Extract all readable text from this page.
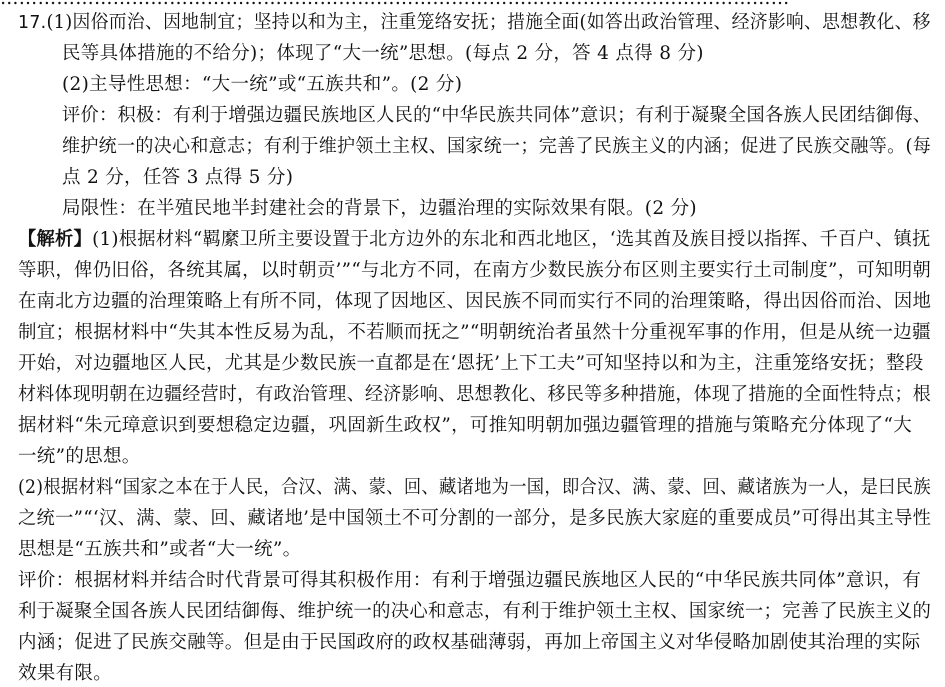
17.(1)因俗而治、因地制宜；坚持以和为主，注重笼络安抚；措施全面(如答出政治管理、经济影响、思想教化、移
民等具体措施的不给分)；体现了“大一统”思想。(每点 2 分，答 4 点得 8 分)
(2)主导性思想：“大一统”或“五族共和”。(2 分)
评价：积极：有利于增强边疆民族地区人民的“中华民族共同体”意识；有利于凝聚全国各族人民团结御侮、
维护统一的决心和意志；有利于维护领土主权、国家统一；完善了民族主义的内涵；促进了民族交融等。(每
点 2 分，任答 3 点得 5 分)
局限性：在半殖民地半封建社会的背景下，边疆治理的实际效果有限。(2 分)
【解析】(1)根据材料“羁縻卫所主要设置于北方边外的东北和西北地区，‘选其酋及族目授以指挥、千百户、镇抚
等职，俾仍旧俗，各统其属，以时朝贡’”“与北方不同，在南方少数民族分布区则主要实行土司制度”，可知明朝
在南北方边疆的治理策略上有所不同，体现了因地区、因民族不同而实行不同的治理策略，得出因俗而治、因地
制宜；根据材料中“失其本性反易为乱，不若顺而抚之”“明朝统治者虽然十分重视军事的作用，但是从统一边疆
开始，对边疆地区人民，尤其是少数民族一直都是在‘恩抚’上下工夫”可知坚持以和为主，注重笼络安抚；整段
材料体现明朝在边疆经营时，有政治管理、经济影响、思想教化、移民等多种措施，体现了措施的全面性特点；根
据材料“朱元璋意识到要想稳定边疆，巩固新生政权”，可推知明朝加强边疆管理的措施与策略充分体现了“大
一统”的思想。
(2)根据材料“国家之本在于人民，合汉、满、蒙、回、藏诸地为一国，即合汉、满、蒙、回、藏诸族为一人，是曰民族
之统一”“‘汉、满、蒙、回、藏诸地’是中国领土不可分割的一部分，是多民族大家庭的重要成员”可得出其主导性
思想是“五族共和”或者“大一统”。
评价：根据材料并结合时代背景可得其积极作用：有利于增强边疆民族地区人民的“中华民族共同体”意识，有
利于凝聚全国各族人民团结御侮、维护统一的决心和意志，有利于维护领土主权、国家统一；完善了民族主义的
内涵；促进了民族交融等。但是由于民国政府的政权基础薄弱，再加上帝国主义对华侵略加剧使其治理的实际
效果有限。
